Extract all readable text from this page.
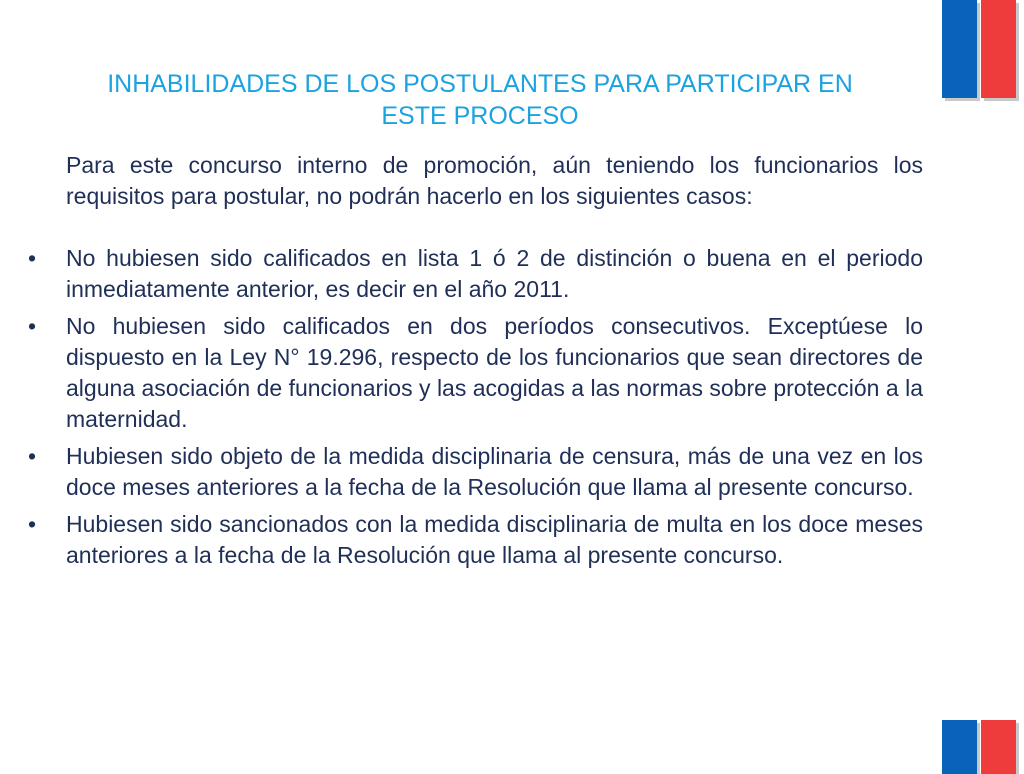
INHABILIDADES DE LOS POSTULANTES PARA PARTICIPAR EN
ESTE PROCESO

Para este concurso interno de promoción, aún teniendo los funcionarios los requisitos para postular, no podrán hacerlo en los siguientes casos:

•	No hubiesen sido calificados en lista 1 ó 2 de distinción o buena en el periodo inmediatamente anterior, es decir en el año 2011.
•	No hubiesen sido calificados en dos períodos consecutivos. Exceptúese lo dispuesto en la Ley N° 19.296, respecto de los funcionarios que sean directores de alguna asociación de funcionarios y las acogidas a las normas sobre protección a la maternidad.
•	Hubiesen sido objeto de la medida disciplinaria de censura, más de una vez en los doce meses anteriores a la fecha de la Resolución que llama al presente concurso.
•	Hubiesen sido sancionados con la medida disciplinaria de multa en los doce meses anteriores a la fecha de la Resolución que llama al presente concurso.
